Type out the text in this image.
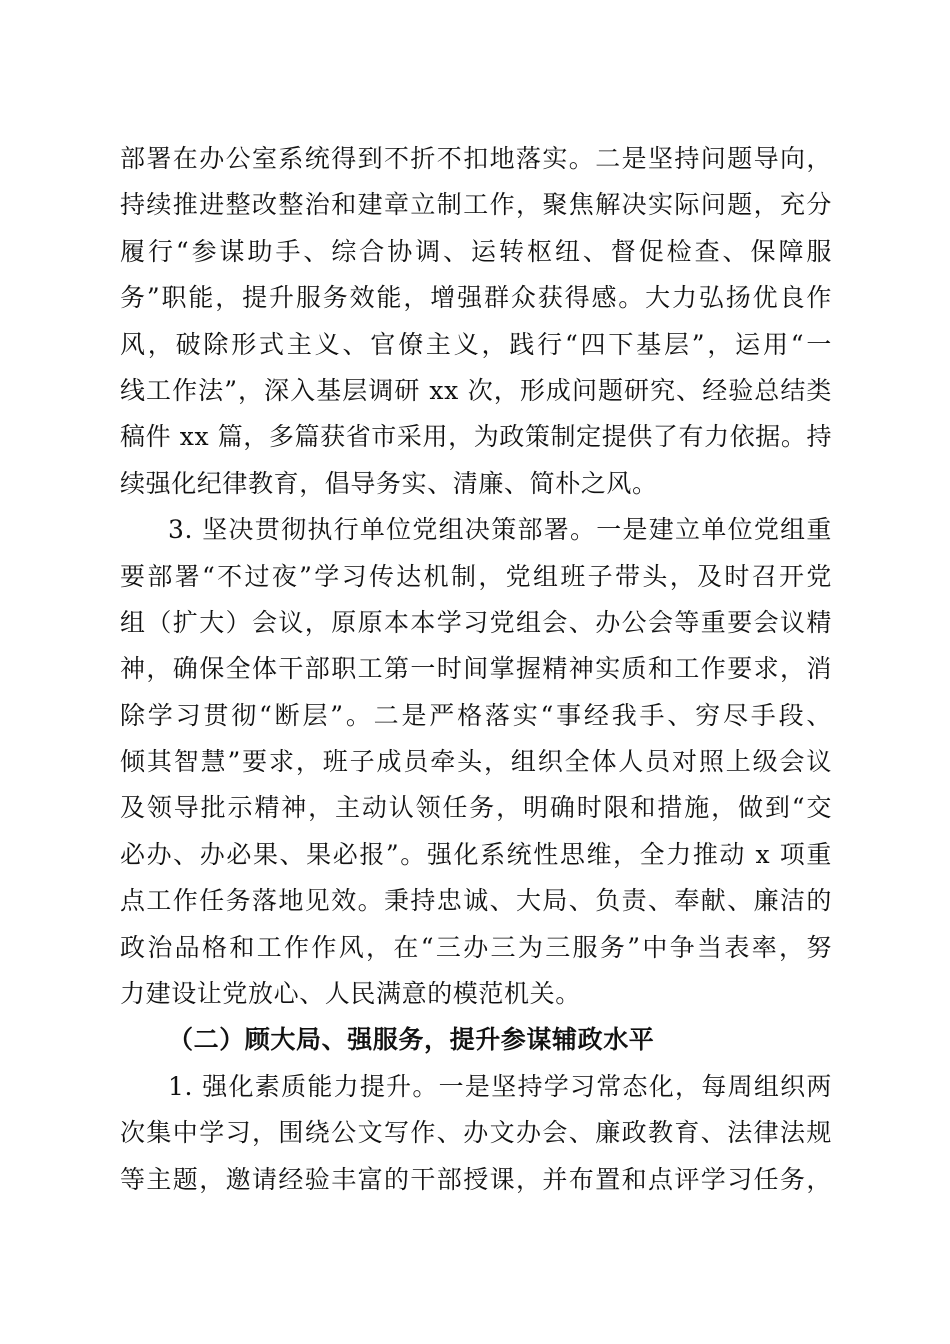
部署在办公室系统得到不折不扣地落实。二是坚持问题导向，
持续推进整改整治和建章立制工作，聚焦解决实际问题，充分
履行“参谋助手、综合协调、运转枢纽、督促检查、保障服
务”职能，提升服务效能，增强群众获得感。大力弘扬优良作
风，破除形式主义、官僚主义，践行“四下基层”，运用“一
线工作法”，深入基层调研 xx 次，形成问题研究、经验总结类
稿件 xx 篇，多篇获省市采用，为政策制定提供了有力依据。持
续强化纪律教育，倡导务实、清廉、简朴之风。
3. 坚决贯彻执行单位党组决策部署。一是建立单位党组重
要部署“不过夜”学习传达机制，党组班子带头，及时召开党
组（扩大）会议，原原本本学习党组会、办公会等重要会议精
神，确保全体干部职工第一时间掌握精神实质和工作要求，消
除学习贯彻“断层”。二是严格落实“事经我手、穷尽手段、
倾其智慧”要求，班子成员牵头，组织全体人员对照上级会议
及领导批示精神，主动认领任务，明确时限和措施，做到“交
必办、办必果、果必报”。强化系统性思维，全力推动 x 项重
点工作任务落地见效。秉持忠诚、大局、负责、奉献、廉洁的
政治品格和工作作风，在“三办三为三服务”中争当表率，努
力建设让党放心、人民满意的模范机关。
（二）顾大局、强服务，提升参谋辅政水平
1. 强化素质能力提升。一是坚持学习常态化，每周组织两
次集中学习，围绕公文写作、办文办会、廉政教育、法律法规
等主题，邀请经验丰富的干部授课，并布置和点评学习任务，
